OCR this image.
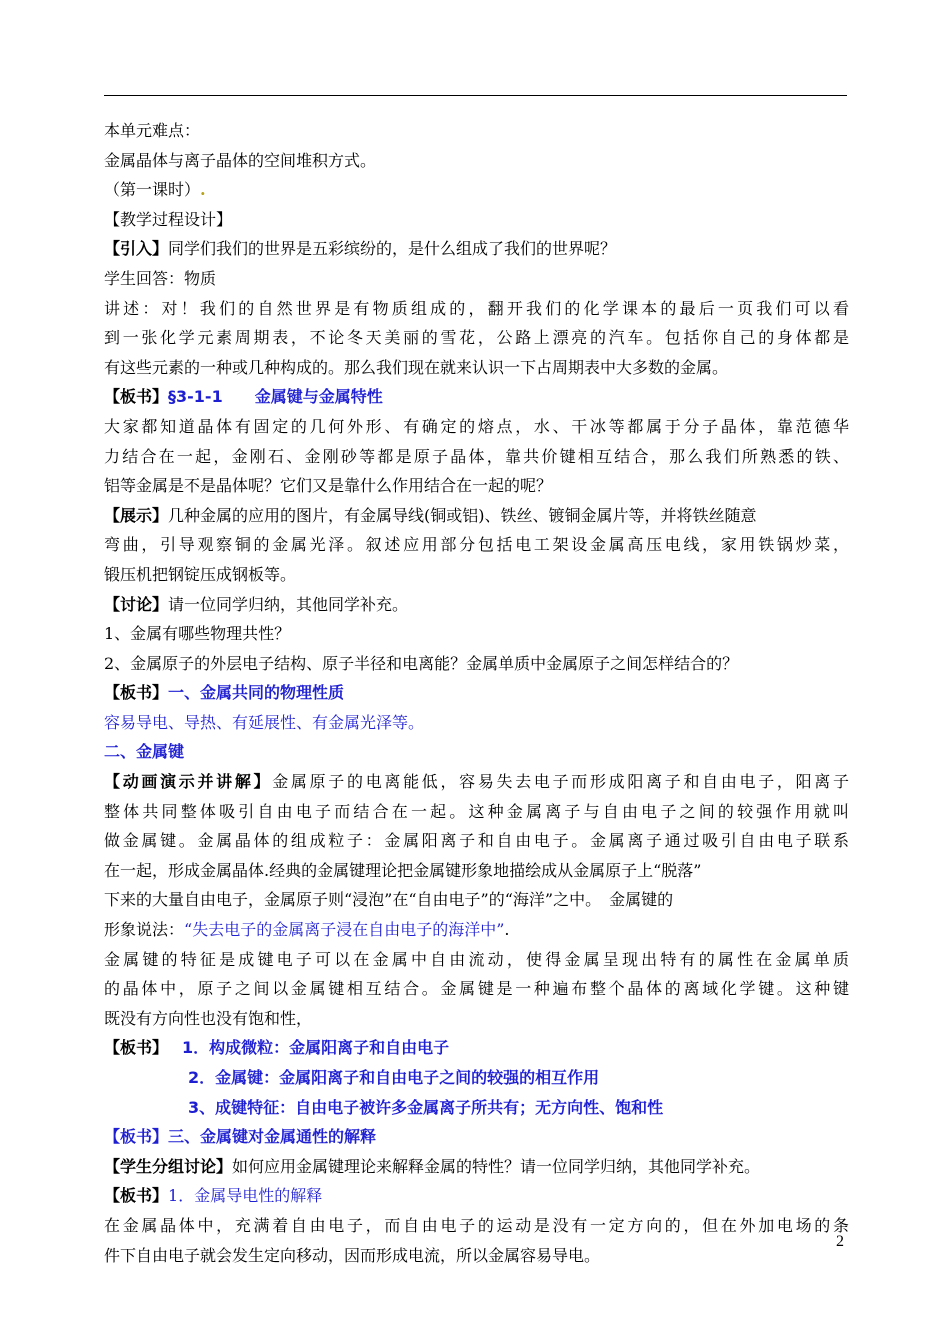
本单元难点：
金属晶体与离子晶体的空间堆积方式。
（第一课时）.
【教学过程设计】
【引入】同学们我们的世界是五彩缤纷的，是什么组成了我们的世界呢？
学生回答：物质
讲述：对！我们的自然世界是有物质组成的，翻开我们的化学课本的最后一页我们可以看
到一张化学元素周期表，不论冬天美丽的雪花，公路上漂亮的汽车。包括你自己的身体都是
有这些元素的一种或几种构成的。那么我们现在就来认识一下占周期表中大多数的金属。
【板书】§3-1-1　　金属键与金属特性
大家都知道晶体有固定的几何外形、有确定的熔点，水、干冰等都属于分子晶体，靠范德华
力结合在一起，金刚石、金刚砂等都是原子晶体，靠共价键相互结合，那么我们所熟悉的铁、
铝等金属是不是晶体呢？它们又是靠什么作用结合在一起的呢？
【展示】几种金属的应用的图片，有金属导线(铜或铝)、铁丝、镀铜金属片等，并将铁丝随意
弯曲，引导观察铜的金属光泽。叙述应用部分包括电工架设金属高压电线，家用铁锅炒菜，
锻压机把钢锭压成钢板等。
【讨论】请一位同学归纳，其他同学补充。
1、金属有哪些物理共性？
2、金属原子的外层电子结构、原子半径和电离能？金属单质中金属原子之间怎样结合的？
【板书】一、金属共同的物理性质
容易导电、导热、有延展性、有金属光泽等。
二、金属键
【动画演示并讲解】金属原子的电离能低，容易失去电子而形成阳离子和自由电子，阳离子
整体共同整体吸引自由电子而结合在一起。这种金属离子与自由电子之间的较强作用就叫
做金属键。金属晶体的组成粒子：金属阳离子和自由电子。金属离子通过吸引自由电子联系
在一起，形成金属晶体.经典的金属键理论把金属键形象地描绘成从金属原子上“脱落”
下来的大量自由电子，金属原子则“浸泡”在“自由电子”的“海洋”之中。　金属键的
形象说法：“失去电子的金属离子浸在自由电子的海洋中”.
金属键的特征是成键电子可以在金属中自由流动，使得金属呈现出特有的属性在金属单质
的晶体中，原子之间以金属键相互结合。金属键是一种遍布整个晶体的离域化学键。这种键
既没有方向性也没有饱和性，
【板书】 1．构成微粒：金属阳离子和自由电子
2．金属键：金属阳离子和自由电子之间的较强的相互作用
3、成键特征：自由电子被许多金属离子所共有；无方向性、饱和性
【板书】三、金属键对金属通性的解释
【学生分组讨论】如何应用金属键理论来解释金属的特性？请一位同学归纳，其他同学补充。
【板书】1．金属导电性的解释
在金属晶体中，充满着自由电子，而自由电子的运动是没有一定方向的，但在外加电场的条
件下自由电子就会发生定向移动，因而形成电流，所以金属容易导电。
2
